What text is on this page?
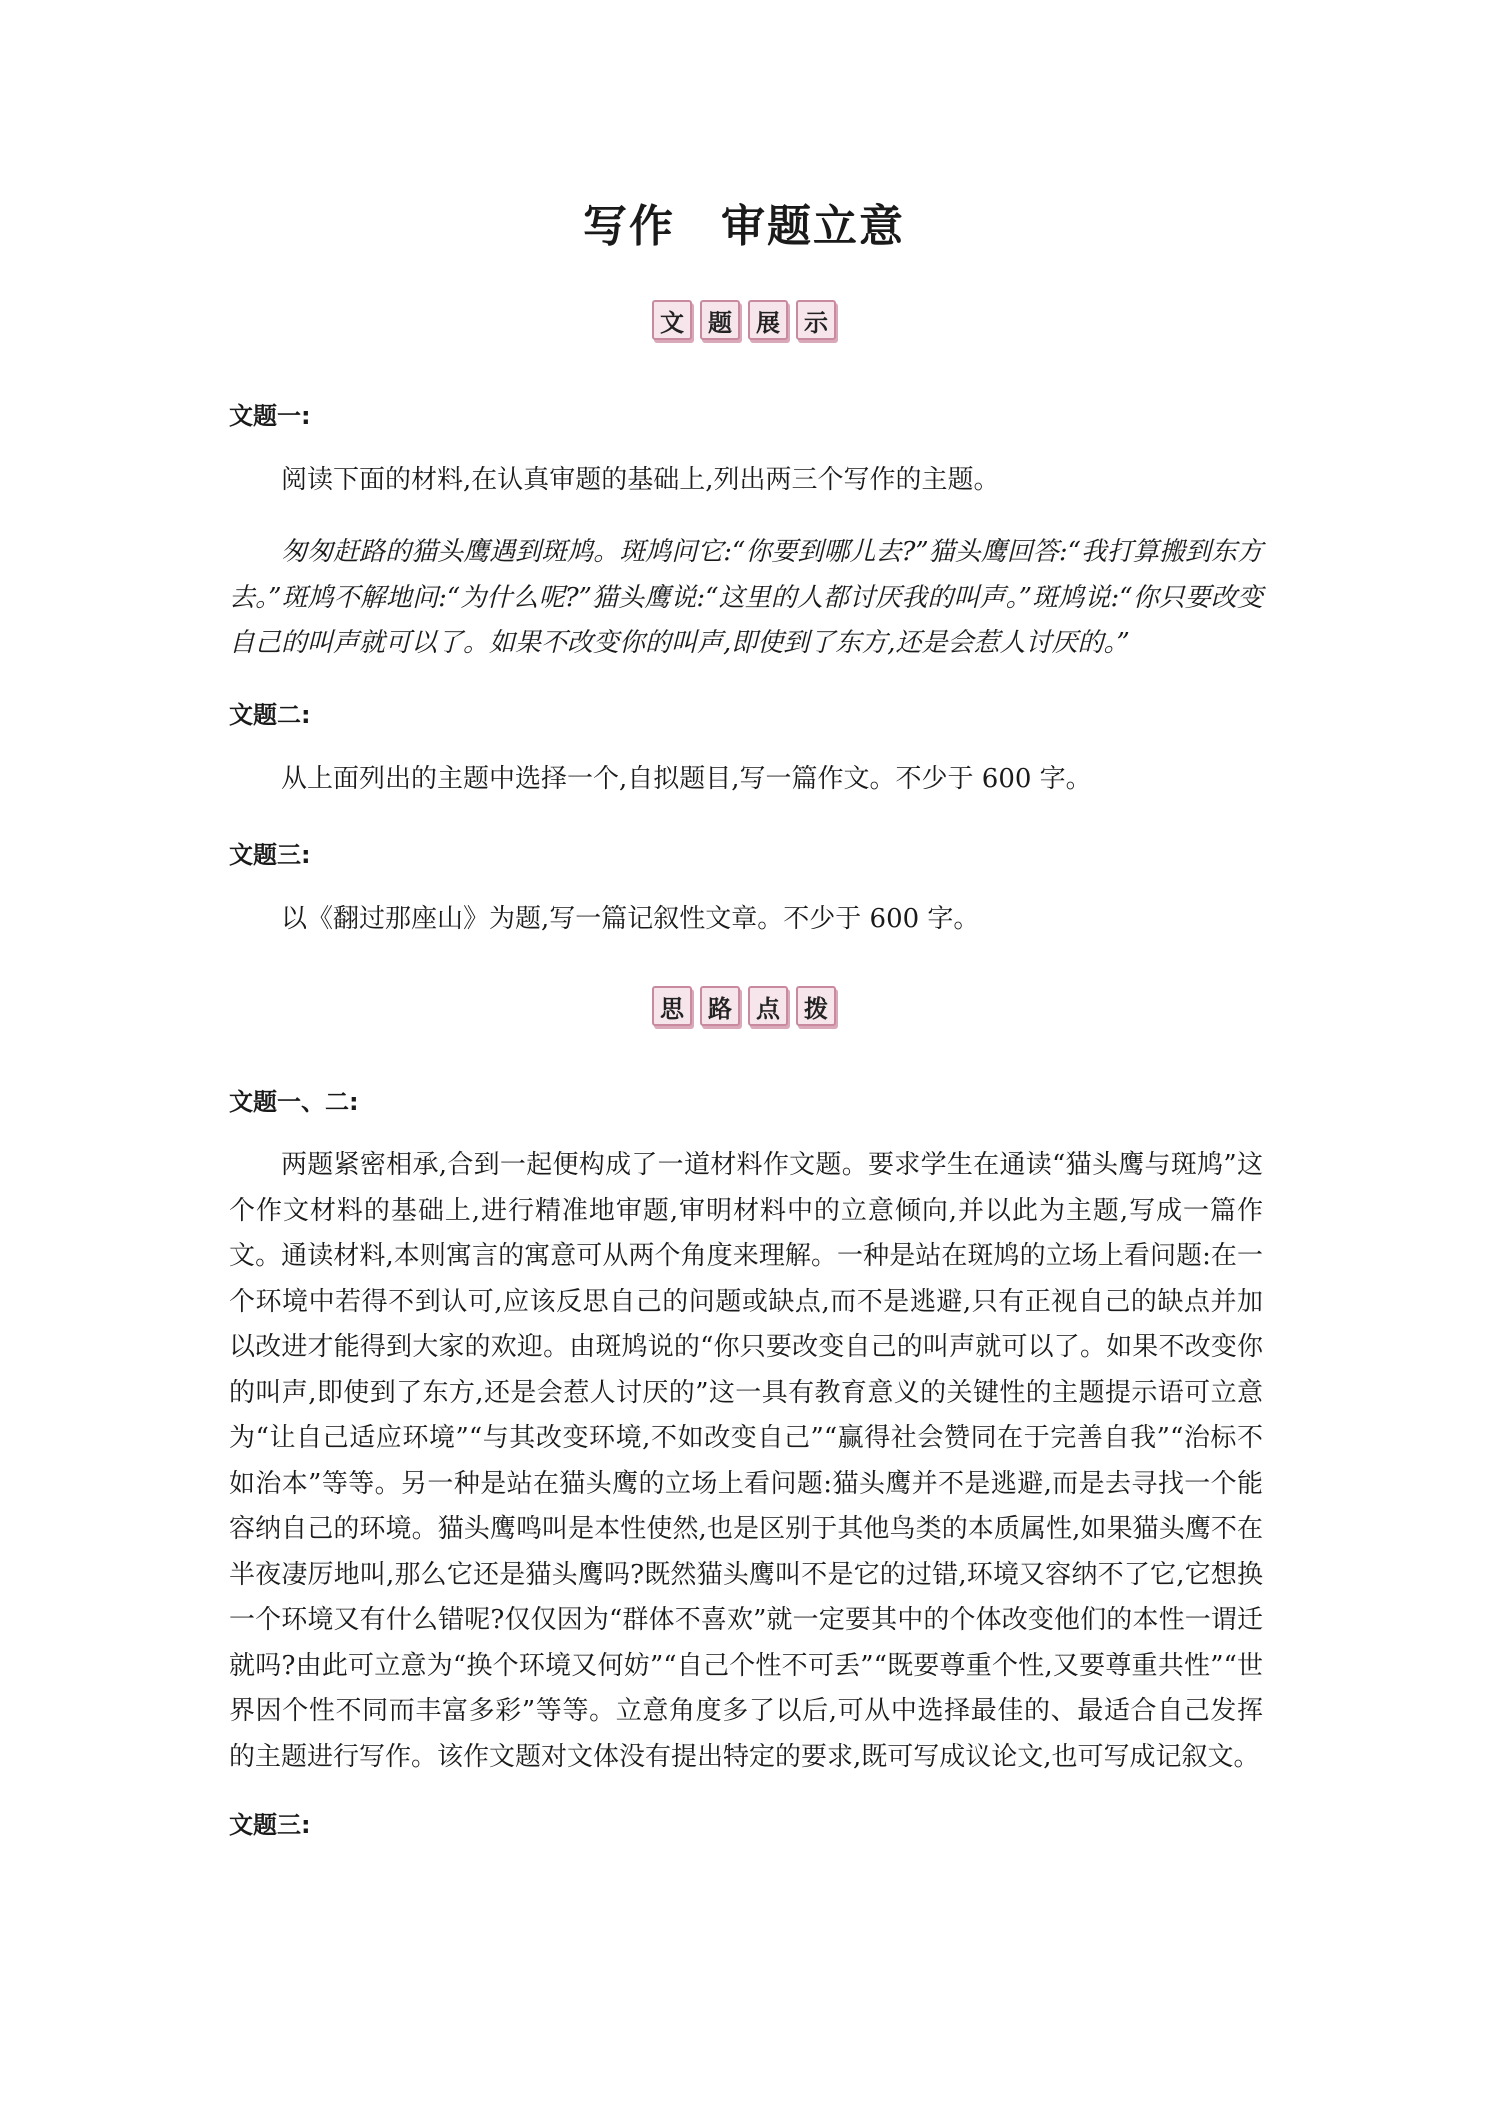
写作　审题立意
文	题	展	示
文题一:
阅读下面的材料,在认真审题的基础上,列出两三个写作的主题。
匆匆赶路的猫头鹰遇到斑鸠。斑鸠问它:“你要到哪儿去?”猫头鹰回答:“我打算搬到东方去。”斑鸠不解地问:“为什么呢?”猫头鹰说:“这里的人都讨厌我的叫声。”斑鸠说:“你只要改变自己的叫声就可以了。如果不改变你的叫声,即使到了东方,还是会惹人讨厌的。”
文题二:
从上面列出的主题中选择一个,自拟题目,写一篇作文。不少于 600 字。
文题三:
以《翻过那座山》为题,写一篇记叙性文章。不少于 600 字。
思	路	点	拨
文题一、二:
两题紧密相承,合到一起便构成了一道材料作文题。要求学生在通读“猫头鹰与斑鸠”这个作文材料的基础上,进行精准地审题,审明材料中的立意倾向,并以此为主题,写成一篇作文。通读材料,本则寓言的寓意可从两个角度来理解。一种是站在斑鸠的立场上看问题:在一个环境中若得不到认可,应该反思自己的问题或缺点,而不是逃避,只有正视自己的缺点并加以改进才能得到大家的欢迎。由斑鸠说的“你只要改变自己的叫声就可以了。如果不改变你的叫声,即使到了东方,还是会惹人讨厌的”这一具有教育意义的关键性的主题提示语可立意为“让自己适应环境”“与其改变环境,不如改变自己”“赢得社会赞同在于完善自我”“治标不如治本”等等。另一种是站在猫头鹰的立场上看问题:猫头鹰并不是逃避,而是去寻找一个能容纳自己的环境。猫头鹰鸣叫是本性使然,也是区别于其他鸟类的本质属性,如果猫头鹰不在半夜凄厉地叫,那么它还是猫头鹰吗?既然猫头鹰叫不是它的过错,环境又容纳不了它,它想换一个环境又有什么错呢?仅仅因为“群体不喜欢”就一定要其中的个体改变他们的本性一谓迁就吗?由此可立意为“换个环境又何妨”“自己个性不可丢”“既要尊重个性,又要尊重共性”“世界因个性不同而丰富多彩”等等。立意角度多了以后,可从中选择最佳的、最适合自己发挥的主题进行写作。该作文题对文体没有提出特定的要求,既可写成议论文,也可写成记叙文。
文题三:
